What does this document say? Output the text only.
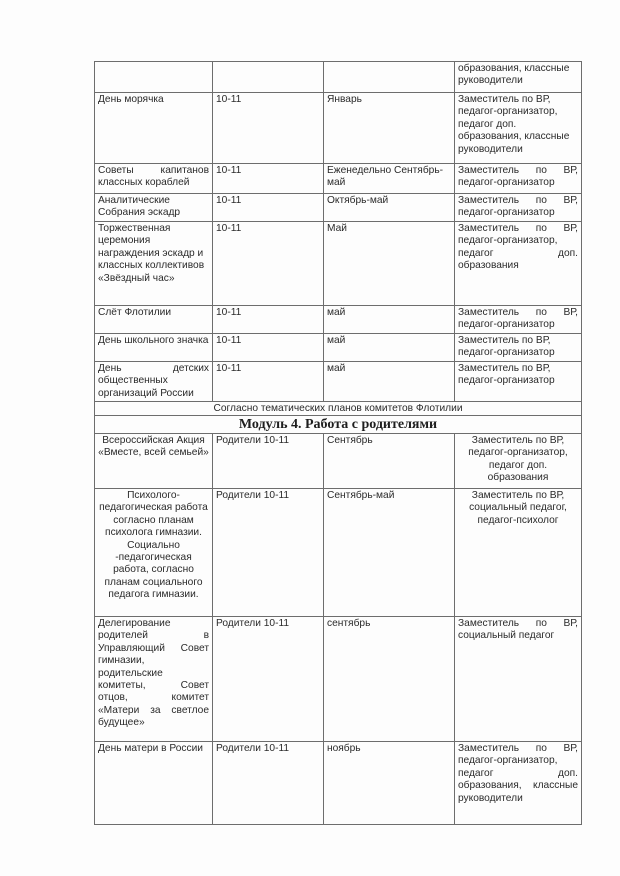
			образования, классные руководители
День морячка	10-11	Январь	Заместитель по ВР, педагог-организатор, педагог доп. образования, классные руководители
Советы капитанов классных кораблей	10-11	Еженедельно Сентябрь-май	Заместитель по ВР, педагог-организатор
Аналитические Собрания эскадр	10-11	Октябрь-май	Заместитель по ВР, педагог-организатор
Торжественная церемония награждения эскадр и классных коллективов «Звёздный час»	10-11	Май	Заместитель по ВР, педагог-организатор, педагог доп. образования
Слёт Флотилии	10-11	май	Заместитель по ВР, педагог-организатор
День школьного значка	10-11	май	Заместитель по ВР, педагог-организатор
День детских общественных организаций России	10-11	май	Заместитель по ВР, педагог-организатор
Согласно тематических планов комитетов Флотилии			
Модуль 4. Работа с родителями			
Всероссийская Акция «Вместе, всей семьей»	Родители 10-11	Сентябрь	Заместитель по ВР, педагог-организатор, педагог доп. образования
Психолого-педагогическая работа согласно планам психолога гимназии. Социально -педагогическая работа, согласно планам социального педагога гимназии.	Родители 10-11	Сентябрь-май	Заместитель по ВР, социальный педагог, педагог-психолог
Делегирование родителей в Управляющий Совет гимназии, родительские комитеты, Совет отцов, комитет «Матери за светлое будущее»	Родители 10-11	сентябрь	Заместитель по ВР, социальный педагог
День матери в России	Родители 10-11	ноябрь	Заместитель по ВР, педагог-организатор, педагог доп. образования, классные руководители
